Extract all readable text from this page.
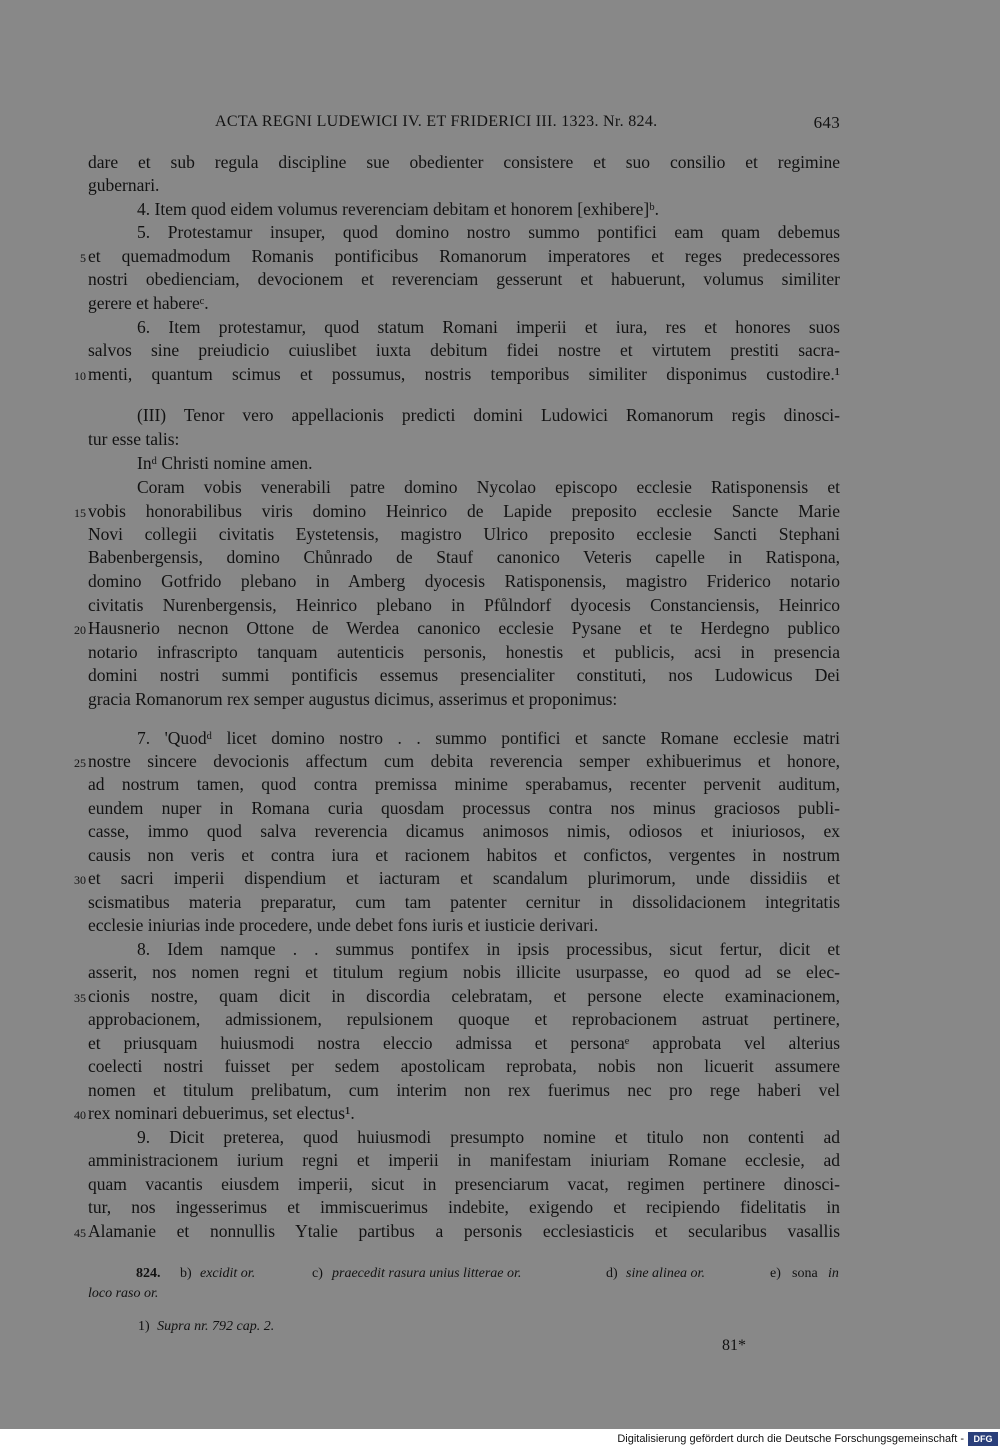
ACTA REGNI LUDEWICI IV. ET FRIDERICI III. 1323. Nr. 824.	643
dare et sub regula discipline sue obedienter consistere et suo consilio et regimine
gubernari.
4. Item quod eidem volumus reverenciam debitam et honorem [exhibere]ᵇ.
5. Protestamur insuper, quod domino nostro summo pontifici eam quam debemus
et quemadmodum Romanis pontificibus Romanorum imperatores et reges predecessores
nostri obedienciam, devocionem et reverenciam gesserunt et habuerunt, volumus similiter
gerere et habereᶜ.
6. Item protestamur, quod statum Romani imperii et iura, res et honores suos
salvos sine preiudicio cuiuslibet iuxta debitum fidei nostre et virtutem prestiti sacra-
menti, quantum scimus et possumus, nostris temporibus similiter disponimus custodire.¹
(III) Tenor vero appellacionis predicti domini Ludowici Romanorum regis dinosci-
tur esse talis:
Inᵈ Christi nomine amen.
Coram vobis venerabili patre domino Nycolao episcopo ecclesie Ratisponensis et
vobis honorabilibus viris domino Heinrico de Lapide preposito ecclesie Sancte Marie
Novi collegii civitatis Eystetensis, magistro Ulrico preposito ecclesie Sancti Stephani
Babenbergensis, domino Chůnrado de Stauf canonico Veteris capelle in Ratispona,
domino Gotfrido plebano in Amberg dyocesis Ratisponensis, magistro Friderico notario
civitatis Nurenbergensis, Heinrico plebano in Pfůlndorf dyocesis Constanciensis, Heinrico
Hausnerio necnon Ottone de Werdea canonico ecclesie Pysane et te Herdegno publico
notario infrascripto tanquam autenticis personis, honestis et publicis, acsi in presencia
domini nostri summi pontificis essemus presencialiter constituti, nos Ludowicus Dei
gracia Romanorum rex semper augustus dicimus, asserimus et proponimus:
7. 'Quodᵈ licet domino nostro . . summo pontifici et sancte Romane ecclesie matri
nostre sincere devocionis affectum cum debita reverencia semper exhibuerimus et honore,
ad nostrum tamen, quod contra premissa minime sperabamus, recenter pervenit auditum,
eundem nuper in Romana curia quosdam processus contra nos minus graciosos publi-
casse, immo quod salva reverencia dicamus animosos nimis, odiosos et iniuriosos, ex
causis non veris et contra iura et racionem habitos et confictos, vergentes in nostrum
et sacri imperii dispendium et iacturam et scandalum plurimorum, unde dissidiis et
scismatibus materia preparatur, cum tam patenter cernitur in dissolidacionem integritatis
ecclesie iniurias inde procedere, unde debet fons iuris et iusticie derivari.
8. Idem namque . . summus pontifex in ipsis processibus, sicut fertur, dicit et
asserit, nos nomen regni et titulum regium nobis illicite usurpasse, eo quod ad se elec-
cionis nostre, quam dicit in discordia celebratam, et persone electe examinacionem,
approbacionem, admissionem, repulsionem quoque et reprobacionem astruat pertinere,
et priusquam huiusmodi nostra eleccio admissa et personaᵉ approbata vel alterius
coelecti nostri fuisset per sedem apostolicam reprobata, nobis non licuerit assumere
nomen et titulum prelibatum, cum interim non rex fuerimus nec pro rege haberi vel
rex nominari debuerimus, set electus¹.
9. Dicit preterea, quod huiusmodi presumpto nomine et titulo non contenti ad
amministracionem iurium regni et imperii in manifestam iniuriam Romane ecclesie, ad
quam vacantis eiusdem imperii, sicut in presenciarum vacat, regimen pertinere dinosci-
tur, nos ingesserimus et immiscuerimus indebite, exigendo et recipiendo fidelitatis in
Alamanie et nonnullis Ytalie partibus a personis ecclesiasticis et secularibus vasallis
5
10
15
20
25
30
35
40
45
824. b) excidit or.	c) praecedit rasura unius litterae or.	d) sine alinea or.	e) sona in
loco raso or.
1) Supra nr. 792 cap. 2.
81*
Digitalisierung gefördert durch die Deutsche Forschungsgemeinschaft -	DFG
